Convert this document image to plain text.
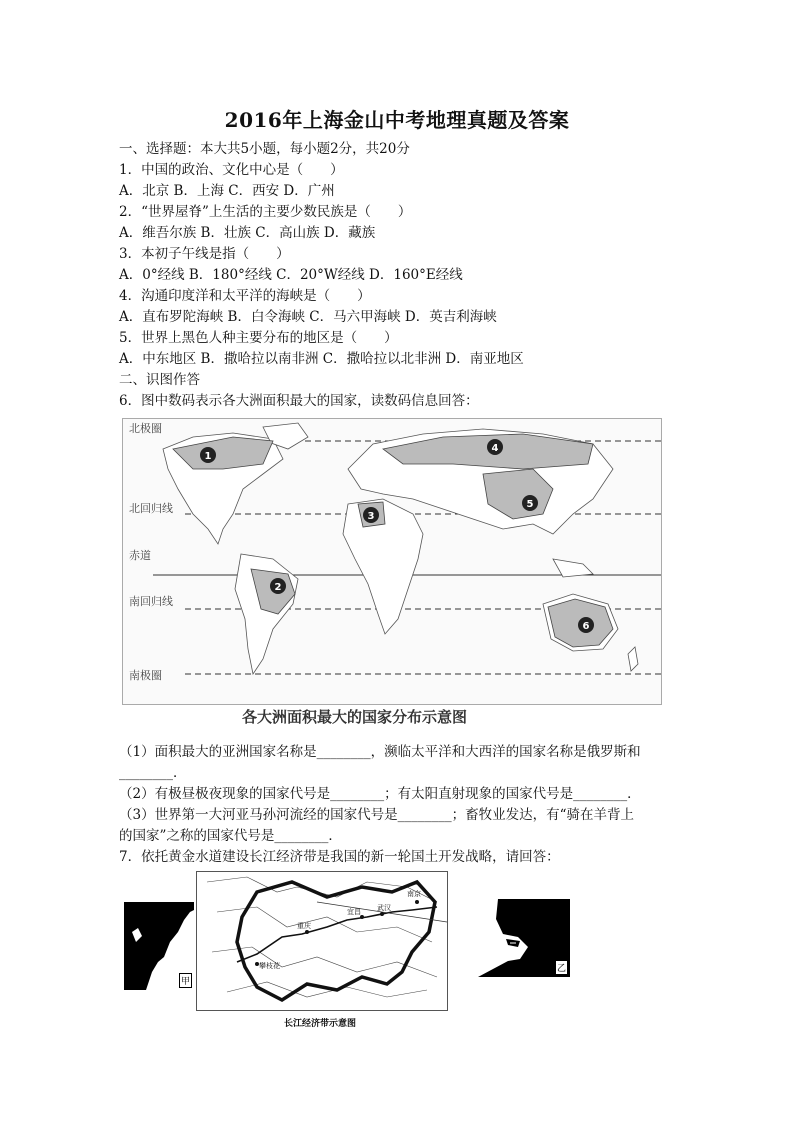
2016年上海金山中考地理真题及答案
一、选择题：本大共5小题，每小题2分，共20分
1．中国的政治、文化中心是（　　）
A．北京 B．上海 C．西安 D．广州
2．“世界屋脊”上生活的主要少数民族是（　　）
A．维吾尔族 B．壮族 C．高山族 D．藏族
3．本初子午线是指（　　）
A．0°经线 B．180°经线 C．20°W经线 D．160°E经线
4．沟通印度洋和太平洋的海峡是（　　）
A．直布罗陀海峡 B．白令海峡 C．马六甲海峡 D．英吉利海峡
5．世界上黑色人种主要分布的地区是（　　）
A．中东地区 B．撒哈拉以南非洲 C．撒哈拉以北非洲 D．南亚地区
二、识图作答
6．图中数码表示各大洲面积最大的国家，读数码信息回答：
北极圈
北回归线
赤道
南回归线
南极圈
1
2
3
4
5
6
各大洲面积最大的国家分布示意图
（1）面积最大的亚洲国家名称是________，濒临太平洋和大西洋的国家名称是俄罗斯和
________．
（2）有极昼极夜现象的国家代号是________；有太阳直射现象的国家代号是________．
（3）世界第一大河亚马孙河流经的国家代号是________；畜牧业发达，有“骑在羊背上
的国家”之称的国家代号是________．
7．依托黄金水道建设长江经济带是我国的新一轮国土开发战略，请回答：
甲
重庆
攀枝花
宜昌 武汉
南京
长江经济带示意图
乙
